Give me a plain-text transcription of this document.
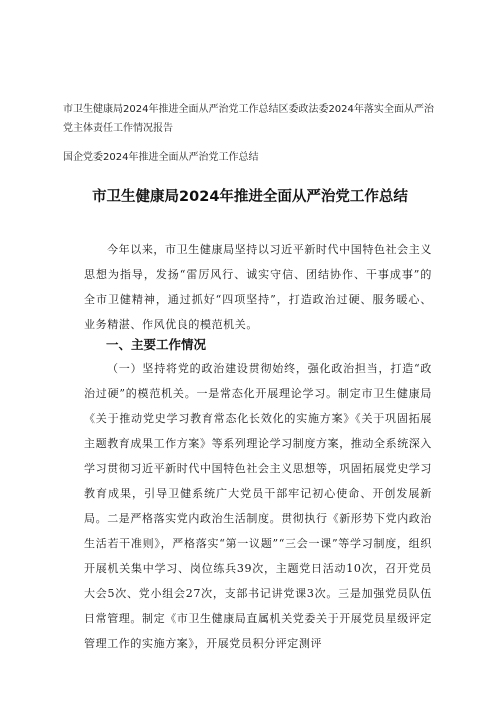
市卫生健康局2024年推进全面从严治党工作总结区委政法委2024年落实全面从严治党主体责任工作情况报告

国企党委2024年推进全面从严治党工作总结

市卫生健康局2024年推进全面从严治党工作总结

今年以来，市卫生健康局坚持以习近平新时代中国特色社会主义思想为指导，发扬“雷厉风行、诚实守信、团结协作、干事成事”的全市卫健精神，通过抓好“四项坚持”，打造政治过硬、服务暖心、业务精湛、作风优良的模范机关。

一、主要工作情况

（一）坚持将党的政治建设贯彻始终，强化政治担当，打造“政治过硬”的模范机关。一是常态化开展理论学习。制定市卫生健康局《关于推动党史学习教育常态化长效化的实施方案》《关于巩固拓展主题教育成果工作方案》等系列理论学习制度方案，推动全系统深入学习贯彻习近平新时代中国特色社会主义思想等，巩固拓展党史学习教育成果，引导卫健系统广大党员干部牢记初心使命、开创发展新局。二是严格落实党内政治生活制度。贯彻执行《新形势下党内政治生活若干准则》，严格落实“第一议题”“三会一课”等学习制度，组织开展机关集中学习、岗位练兵39次，主题党日活动10次，召开党员大会5次、党小组会27次，支部书记讲党课3次。三是加强党员队伍日常管理。制定《市卫生健康局直属机关党委关于开展党员星级评定管理工作的实施方案》，开展党员积分评定测评
